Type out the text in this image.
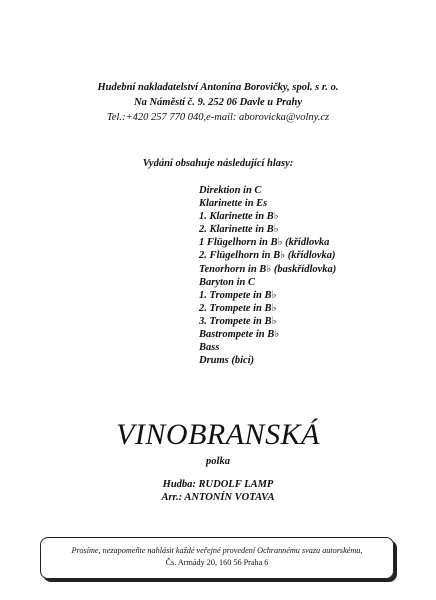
Hudební nakladatelství Antonína Borovičky, spol. s r. o.
Na Náměstí č. 9. 252 06 Davle u Prahy
Tel.:+420 257 770 040,e-mail: aborovicka@volny.cz
Vydání obsahuje následující hlasy:
Direktion in C
Klarinette in Es
1. Klarinette in B♭
2. Klarinette in B♭
1 Flügelhorn in B♭ (křídlovka
2. Flügelhorn in B♭ (křídlovka)
Tenorhorn in B♭ (baskřídlovka)
Baryton in C
1. Trompete in B♭
2. Trompete in B♭
3. Trompete in B♭
Bastrompete in B♭
Bass
Drums (bicí)
VINOBRANSKÁ
polka
Hudba: RUDOLF LAMP
Arr.: ANTONÍN VOTAVA
Prosíme, nezapomeňte nahlásit každé veřejné provedení Ochrannému svazu autorskému,
Čs. Armády 20, 160 56 Praha 6
